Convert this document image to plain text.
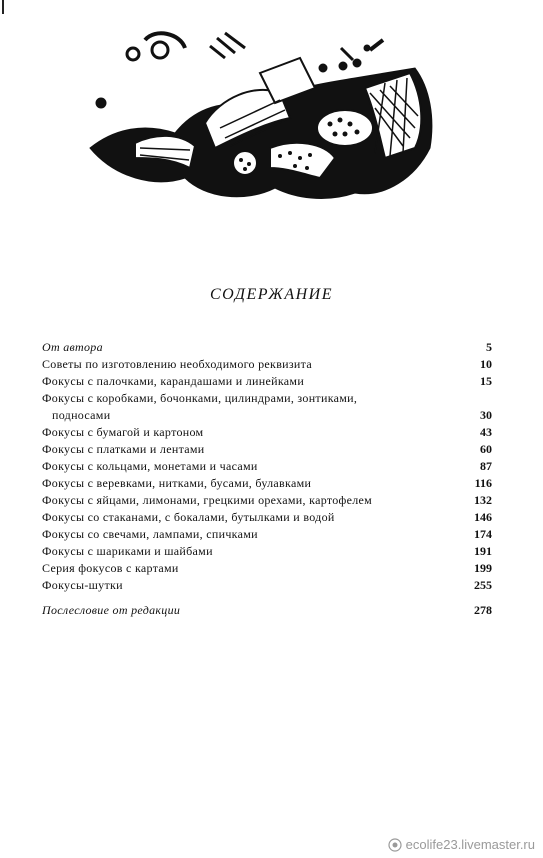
СОДЕРЖАНИЕ
От автора	5
Советы по изготовлению необходимого реквизита	10
Фокусы с палочками, карандашами и линейками	15
Фокусы с коробками, бочонками, цилиндрами, зонтиками,
подносами	30
Фокусы с бумагой и картоном	43
Фокусы с платками и лентами	60
Фокусы с кольцами, монетами и часами	87
Фокусы с веревками, нитками, бусами, булавками	116
Фокусы с яйцами, лимонами, грецкими орехами, картофелем	132
Фокусы со стаканами, с бокалами, бутылками и водой	146
Фокусы со свечами, лампами, спичками	174
Фокусы с шариками и шайбами	191
Серия фокусов с картами	199
Фокусы-шутки	255
Послесловие от редакции	278
ecolife23.livemaster.ru
